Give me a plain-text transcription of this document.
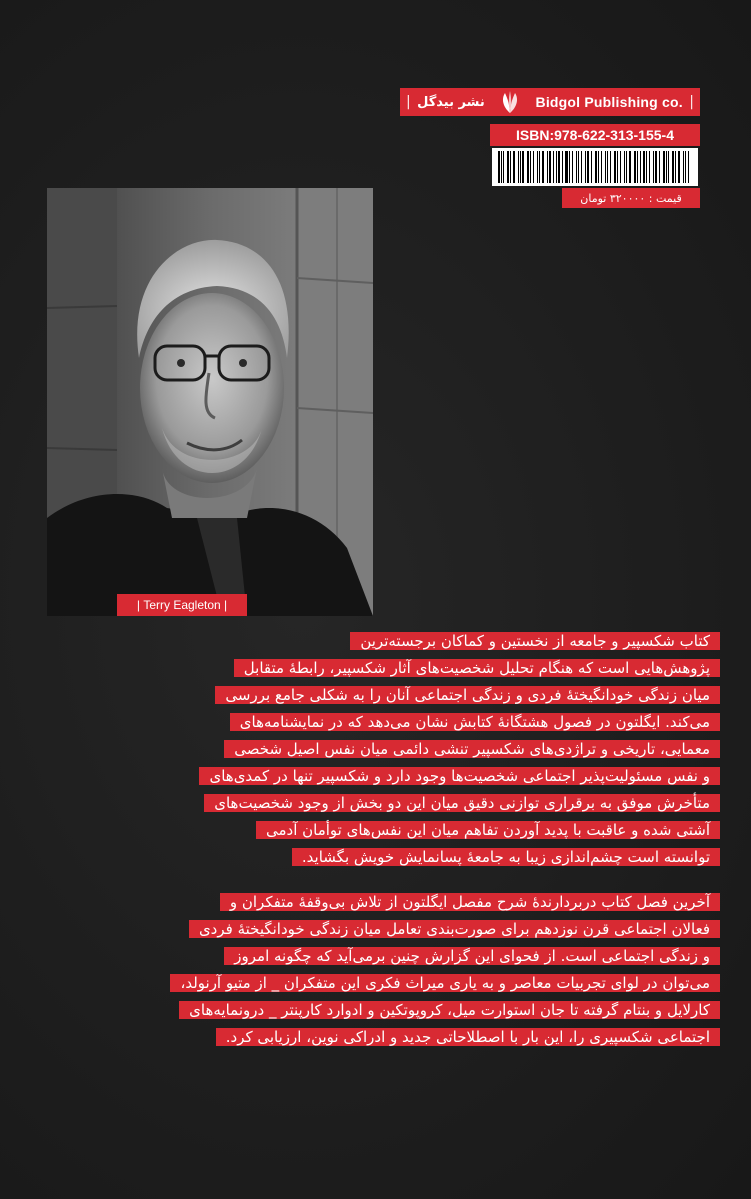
| نشر بیدگل	Bidgol Publishing co. |
ISBN:978-622-313-155-4
قیمت : ۳۲۰۰۰۰ تومان
| Terry Eagleton |
کتاب شکسپیر و جامعه از نخستین و کماکان برجسته‌ترین
پژوهش‌هایی است که هنگام تحلیل شخصیت‌های آثار شکسپیر، رابطهٔ متقابل
میان زندگی خودانگیختهٔ فردی و زندگی اجتماعی آنان را به شکلی جامع بررسی
می‌کند. ایگلتون در فصول هشتگانهٔ کتابش نشان می‌دهد که در نمایشنامه‌های
معمایی، تاریخی و تراژدی‌های شکسپیر تنشی دائمی میان نفس اصیل شخصی
و نفس مسئولیت‌پذیر اجتماعی شخصیت‌ها وجود دارد و شکسپیر تنها در کمدی‌های
متأخرش موفق به برقراری توازنی دقیق میان این دو بخش از وجود شخصیت‌های
آشتی شده و عاقبت با پدید آوردن تفاهم میان این نفس‌های توأمان آدمی
توانسته است چشم‌اندازی زیبا به جامعهٔ پسانمایش خویش بگشاید.
آخرین فصل کتاب دربردارندهٔ شرح مفصل ایگلتون از تلاش بی‌وقفهٔ متفکران و
فعالان اجتماعی قرن نوزدهم برای صورت‌بندی تعامل میان زندگی خودانگیختهٔ فردی
و زندگی اجتماعی است. از فحوای این گزارش چنین برمی‌آید که چگونه امروز
می‌توان در لوای تجربیات معاصر و به یاری میراث فکری این متفکران _ از متیو آرنولد،
کارلایل و بنتام گرفته تا جان استوارت میل، کروپوتکین و ادوارد کارپنتر _ درونمایه‌های
اجتماعی شکسپیری را، این بار با اصطلاحاتی جدید و ادراکی نوین، ارزیابی کرد.
